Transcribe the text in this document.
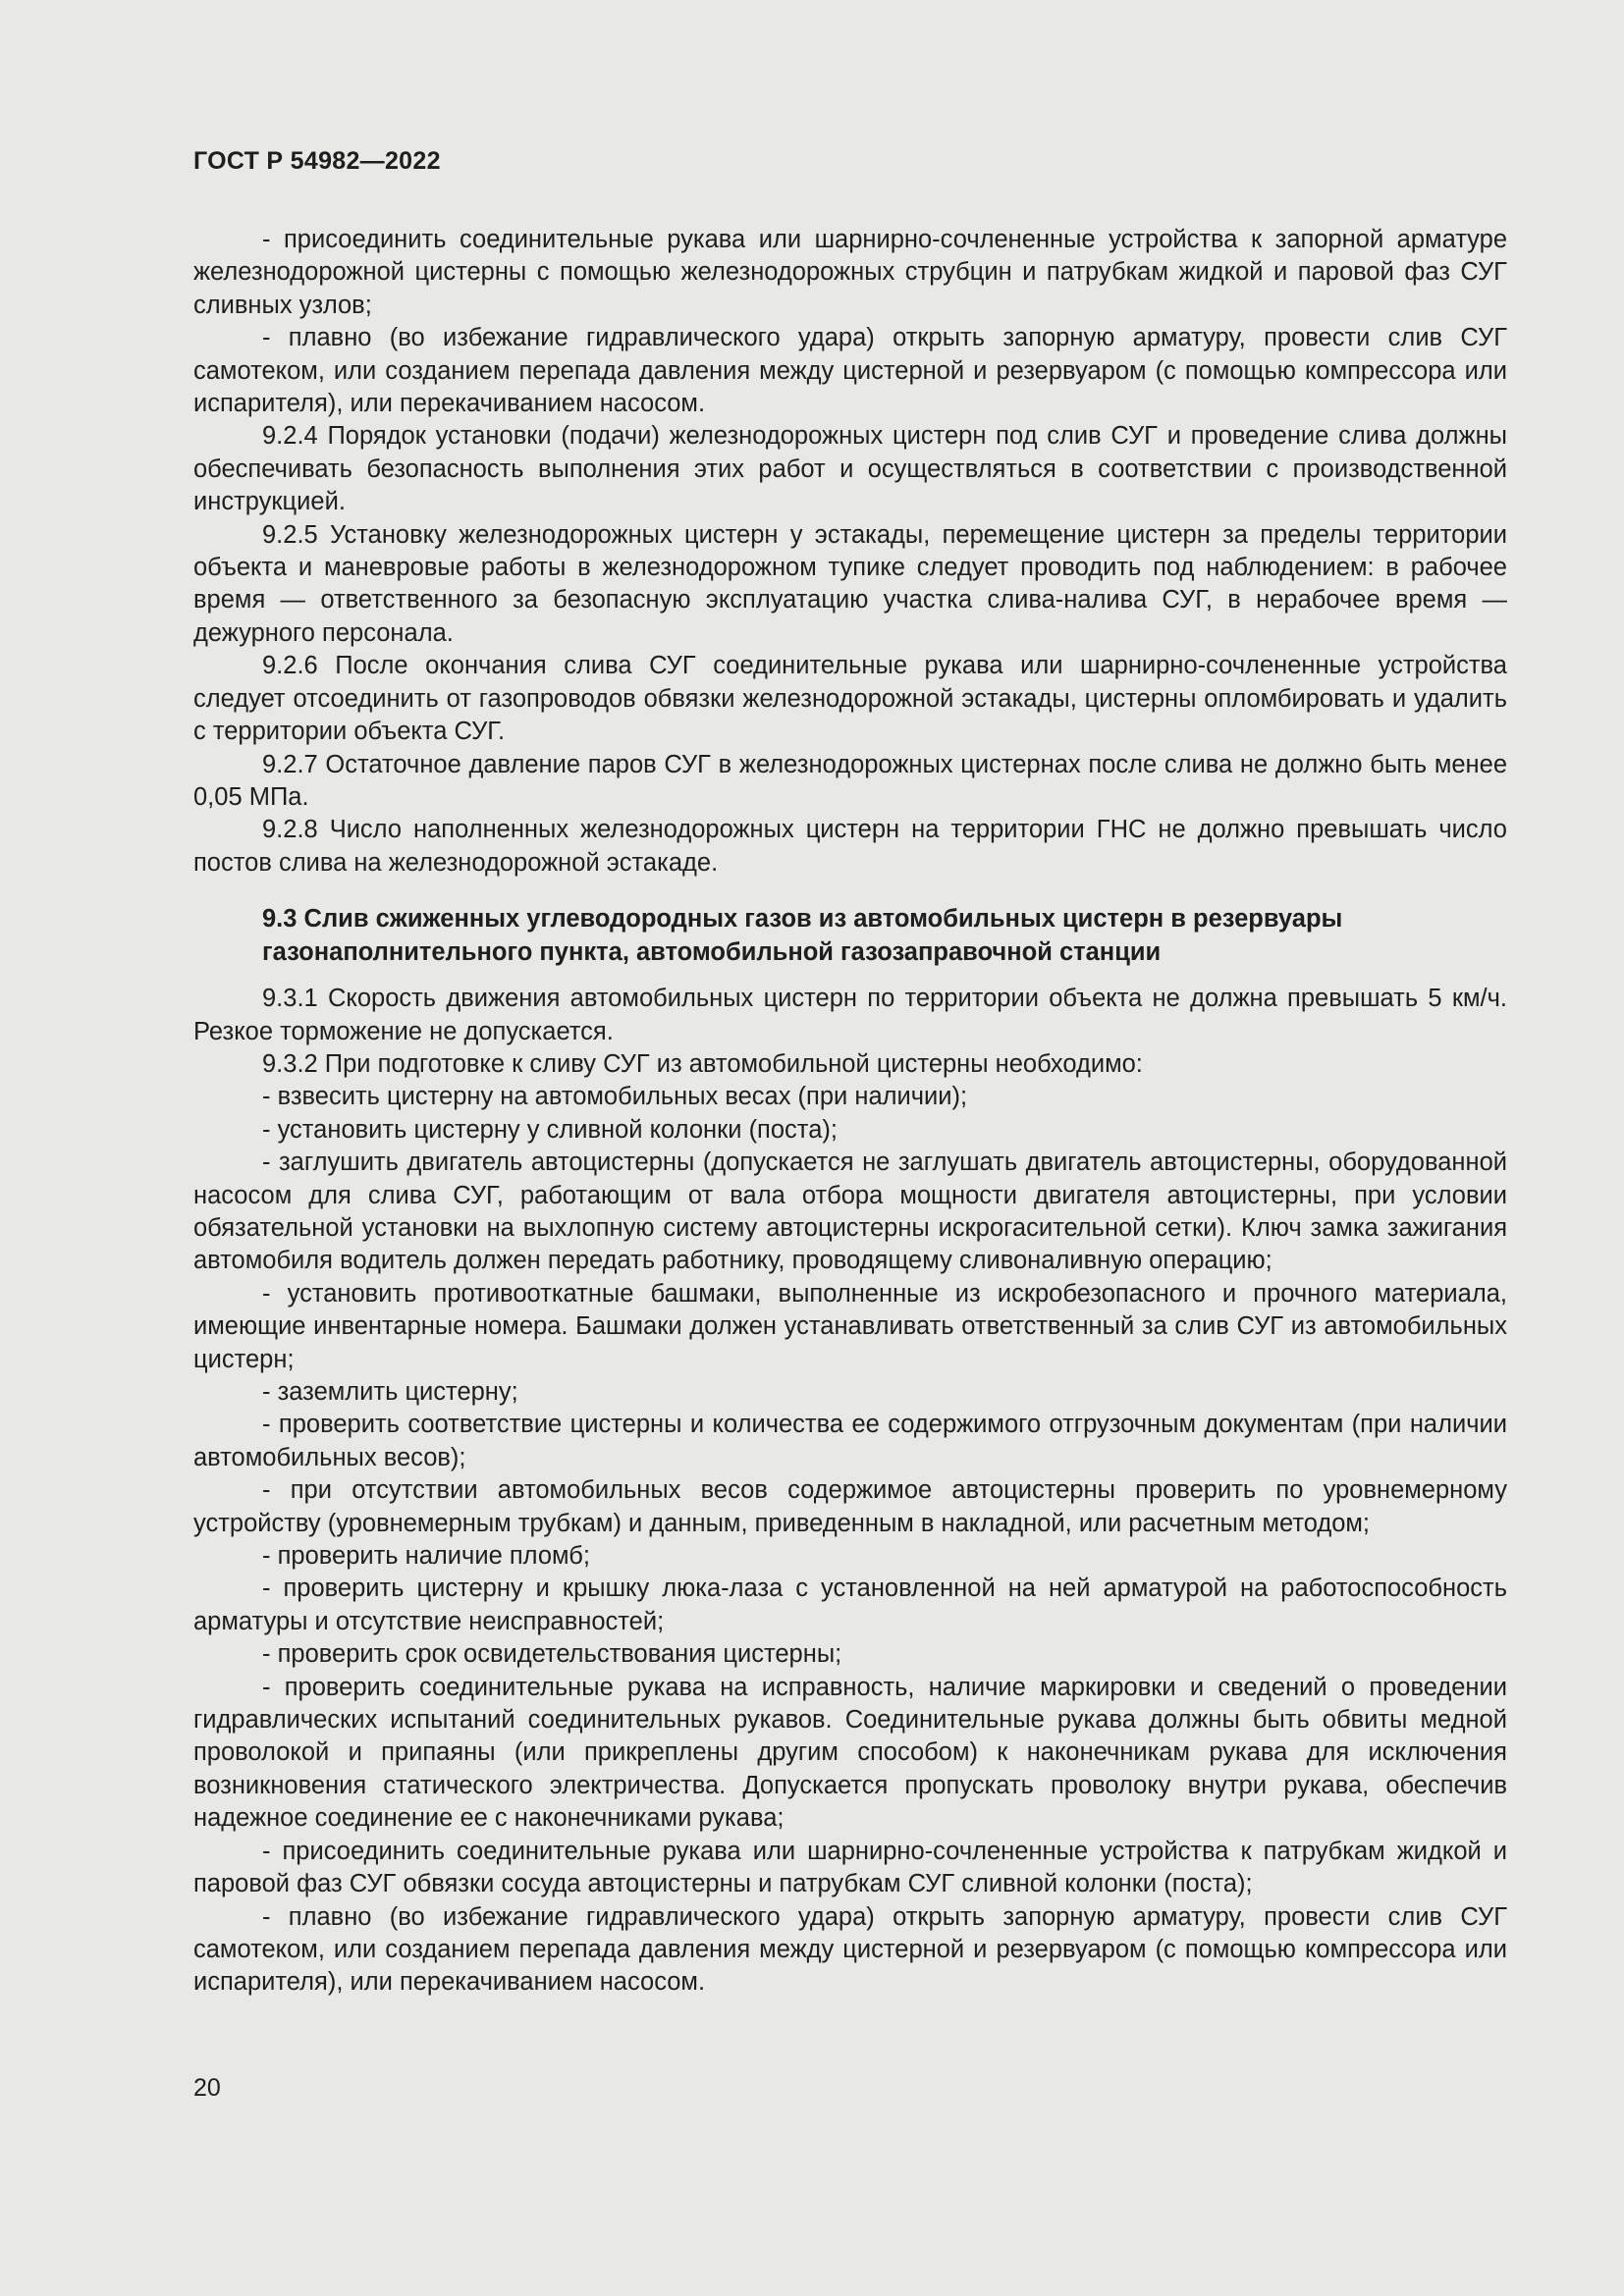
ГОСТ Р 54982—2022

- присоединить соединительные рукава или шарнирно-сочлененные устройства к запорной арматуре железнодорожной цистерны с помощью железнодорожных струбцин и патрубкам жидкой и паровой фаз СУГ сливных узлов;

- плавно (во избежание гидравлического удара) открыть запорную арматуру, провести слив СУГ самотеком, или созданием перепада давления между цистерной и резервуаром (с помощью компрессора или испарителя), или перекачиванием насосом.

9.2.4 Порядок установки (подачи) железнодорожных цистерн под слив СУГ и проведение слива должны обеспечивать безопасность выполнения этих работ и осуществляться в соответствии с производственной инструкцией.

9.2.5 Установку железнодорожных цистерн у эстакады, перемещение цистерн за пределы территории объекта и маневровые работы в железнодорожном тупике следует проводить под наблюдением: в рабочее время — ответственного за безопасную эксплуатацию участка слива-налива СУГ, в нерабочее время — дежурного персонала.

9.2.6 После окончания слива СУГ соединительные рукава или шарнирно-сочлененные устройства следует отсоединить от газопроводов обвязки железнодорожной эстакады, цистерны опломбировать и удалить с территории объекта СУГ.

9.2.7 Остаточное давление паров СУГ в железнодорожных цистернах после слива не должно быть менее 0,05 МПа.

9.2.8 Число наполненных железнодорожных цистерн на территории ГНС не должно превышать число постов слива на железнодорожной эстакаде.

9.3 Слив сжиженных углеводородных газов из автомобильных цистерн в резервуары газонаполнительного пункта, автомобильной газозаправочной станции

9.3.1 Скорость движения автомобильных цистерн по территории объекта не должна превышать 5 км/ч. Резкое торможение не допускается.

9.3.2 При подготовке к сливу СУГ из автомобильной цистерны необходимо:

- взвесить цистерну на автомобильных весах (при наличии);

- установить цистерну у сливной колонки (поста);

- заглушить двигатель автоцистерны (допускается не заглушать двигатель автоцистерны, оборудованной насосом для слива СУГ, работающим от вала отбора мощности двигателя автоцистерны, при условии обязательной установки на выхлопную систему автоцистерны искрогасительной сетки). Ключ замка зажигания автомобиля водитель должен передать работнику, проводящему сливоналивную операцию;

- установить противооткатные башмаки, выполненные из искробезопасного и прочного материала, имеющие инвентарные номера. Башмаки должен устанавливать ответственный за слив СУГ из автомобильных цистерн;

- заземлить цистерну;

- проверить соответствие цистерны и количества ее содержимого отгрузочным документам (при наличии автомобильных весов);

- при отсутствии автомобильных весов содержимое автоцистерны проверить по уровнемерному устройству (уровнемерным трубкам) и данным, приведенным в накладной, или расчетным методом;

- проверить наличие пломб;

- проверить цистерну и крышку люка-лаза с установленной на ней арматурой на работоспособность арматуры и отсутствие неисправностей;

- проверить срок освидетельствования цистерны;

- проверить соединительные рукава на исправность, наличие маркировки и сведений о проведении гидравлических испытаний соединительных рукавов. Соединительные рукава должны быть обвиты медной проволокой и припаяны (или прикреплены другим способом) к наконечникам рукава для исключения возникновения статического электричества. Допускается пропускать проволоку внутри рукава, обеспечив надежное соединение ее с наконечниками рукава;

- присоединить соединительные рукава или шарнирно-сочлененные устройства к патрубкам жидкой и паровой фаз СУГ обвязки сосуда автоцистерны и патрубкам СУГ сливной колонки (поста);

- плавно (во избежание гидравлического удара) открыть запорную арматуру, провести слив СУГ самотеком, или созданием перепада давления между цистерной и резервуаром (с помощью компрессора или испарителя), или перекачиванием насосом.

20
